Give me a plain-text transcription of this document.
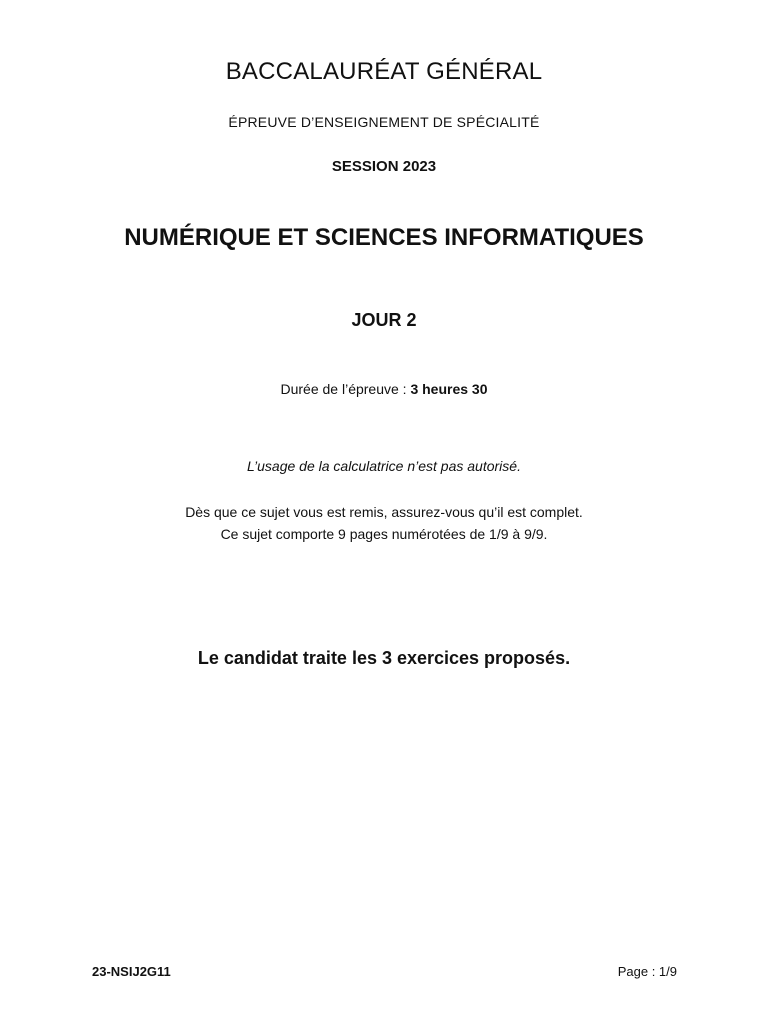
BACCALAURÉAT GÉNÉRAL
ÉPREUVE D’ENSEIGNEMENT DE SPÉCIALITÉ
SESSION 2023
NUMÉRIQUE ET SCIENCES INFORMATIQUES
JOUR 2
Durée de l’épreuve : 3 heures 30
L’usage de la calculatrice n’est pas autorisé.
Dès que ce sujet vous est remis, assurez-vous qu’il est complet.
Ce sujet comporte 9 pages numérotées de 1/9 à 9/9.
Le candidat traite les 3 exercices proposés.
23-NSIJ2G11	Page : 1/9
